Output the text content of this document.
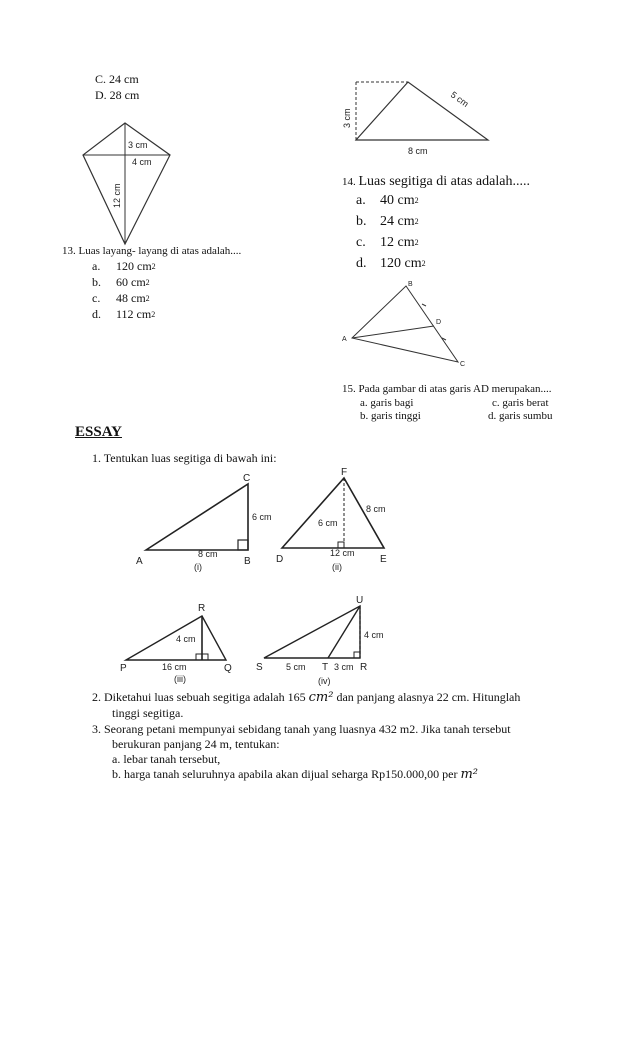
C. 24 cm
D. 28 cm
3 cm
4 cm
12 cm
13. Luas layang- layang di atas adalah....
a.	120 cm 2
b.	60 cm 2
c.	48 cm 2
d.	112 cm 2
3 cm
5 cm
8 cm
14. Luas segitiga di atas adalah.....
a.	40 cm 2
b. 24 cm 2
c.	12 cm 2
d. 120 cm 2
A
B
C
D
15. Pada gambar di atas garis AD merupakan....
a. garis bagi	c. garis berat
b. garis tinggi	d. garis sumbu
ESSAY
1. Tentukan luas segitiga di bawah ini:
A	B
C
6 cm
8 cm
(i)
D	E
F
6 cm
8 cm
12 cm
(ii)
P	Q
R
4 cm
16 cm
(iii)
S	T	R
U
4 cm
5 cm	3 cm
(iv)
2. Diketahui luas sebuah segitiga adalah 165 cm² dan panjang alasnya 22 cm. Hitunglah
tinggi segitiga.
3. Seorang petani mempunyai sebidang tanah yang luasnya 432 m2. Jika tanah tersebut
berukuran panjang 24 m, tentukan:
a. lebar tanah tersebut,
b. harga tanah seluruhnya apabila akan dijual seharga Rp150.000,00 per m²
